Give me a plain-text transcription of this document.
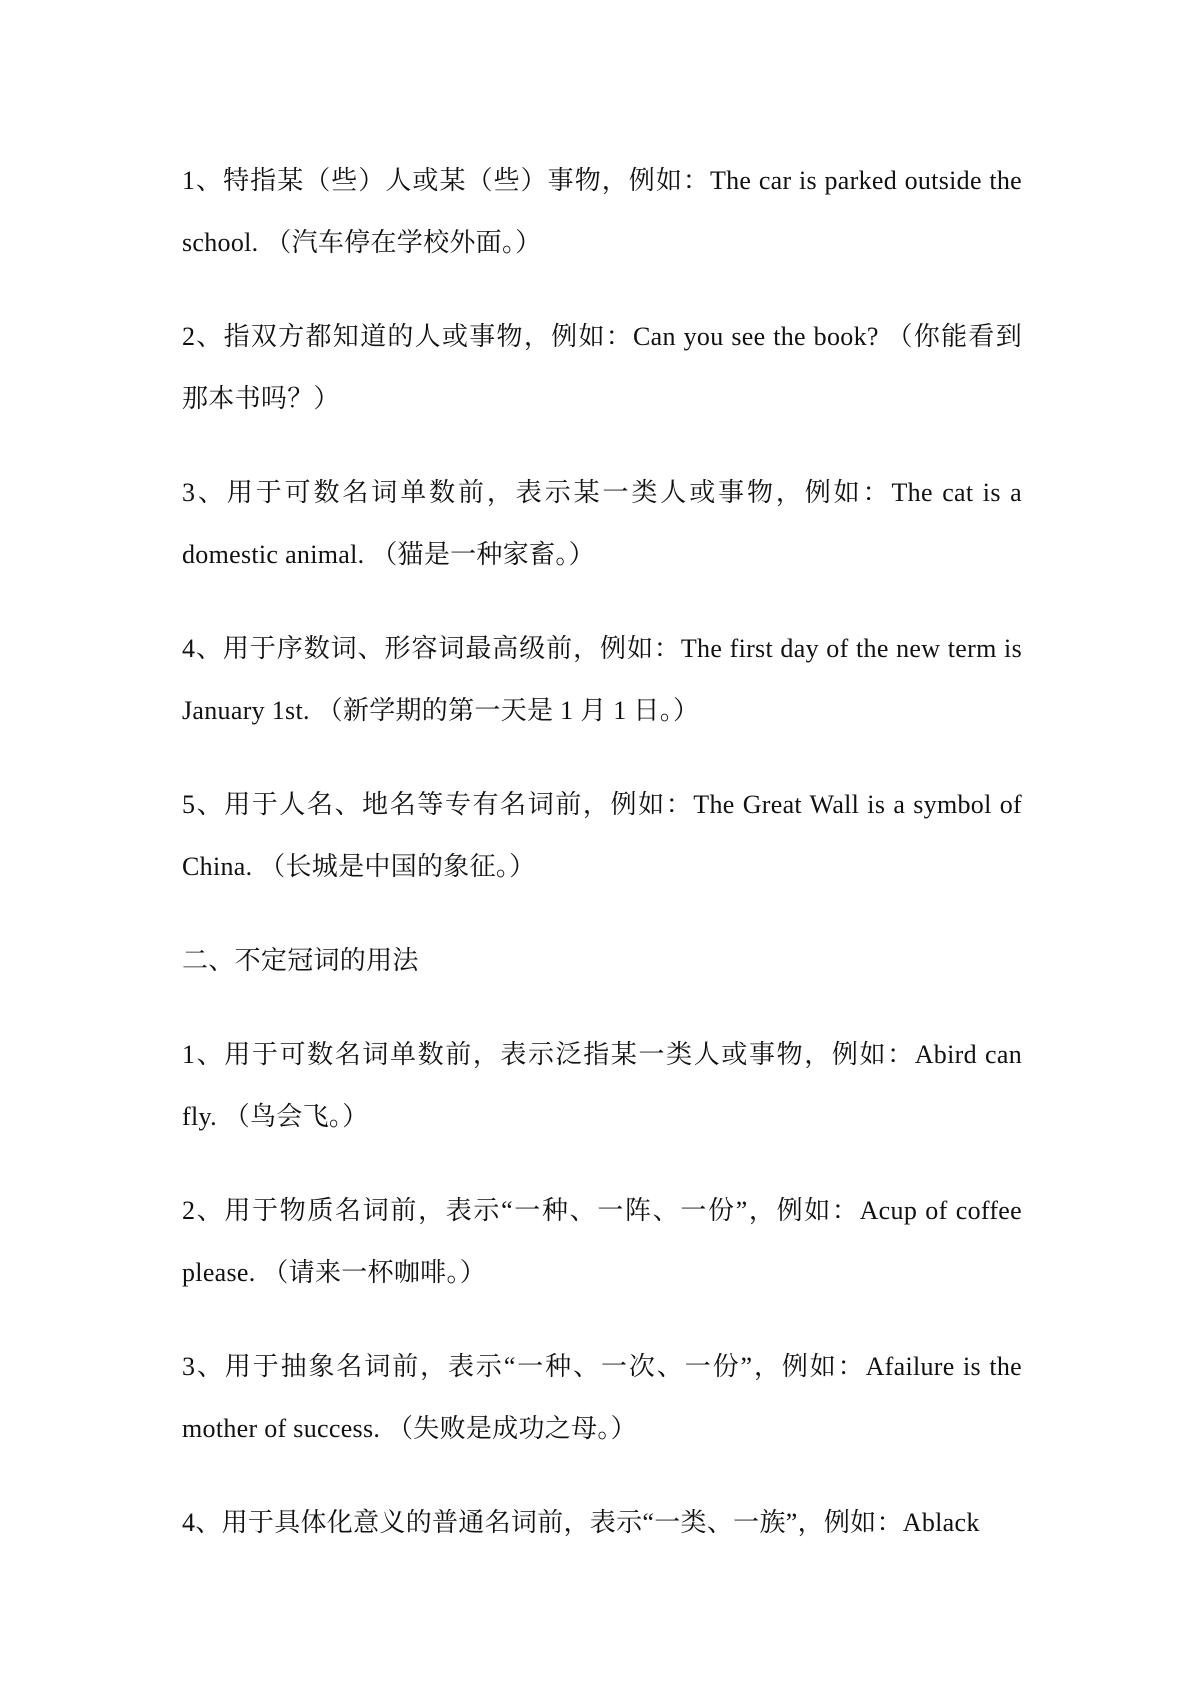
1、特指某（些）人或某（些）事物，例如：The car is parked outside the school. （汽车停在学校外面。）

2、指双方都知道的人或事物，例如：Can you see the book? （你能看到那本书吗？）

3、用于可数名词单数前，表示某一类人或事物，例如：The cat is a domestic animal. （猫是一种家畜。）

4、用于序数词、形容词最高级前，例如：The first day of the new term is January 1st. （新学期的第一天是 1 月 1 日。）

5、用于人名、地名等专有名词前，例如：The Great Wall is a symbol of China. （长城是中国的象征。）

二、不定冠词的用法

1、用于可数名词单数前，表示泛指某一类人或事物，例如：Abird can fly. （鸟会飞。）

2、用于物质名词前，表示“一种、一阵、一份”，例如：Acup of coffee please. （请来一杯咖啡。）

3、用于抽象名词前，表示“一种、一次、一份”，例如：Afailure is the mother of success. （失败是成功之母。）

4、用于具体化意义的普通名词前，表示“一类、一族”，例如：Ablack
